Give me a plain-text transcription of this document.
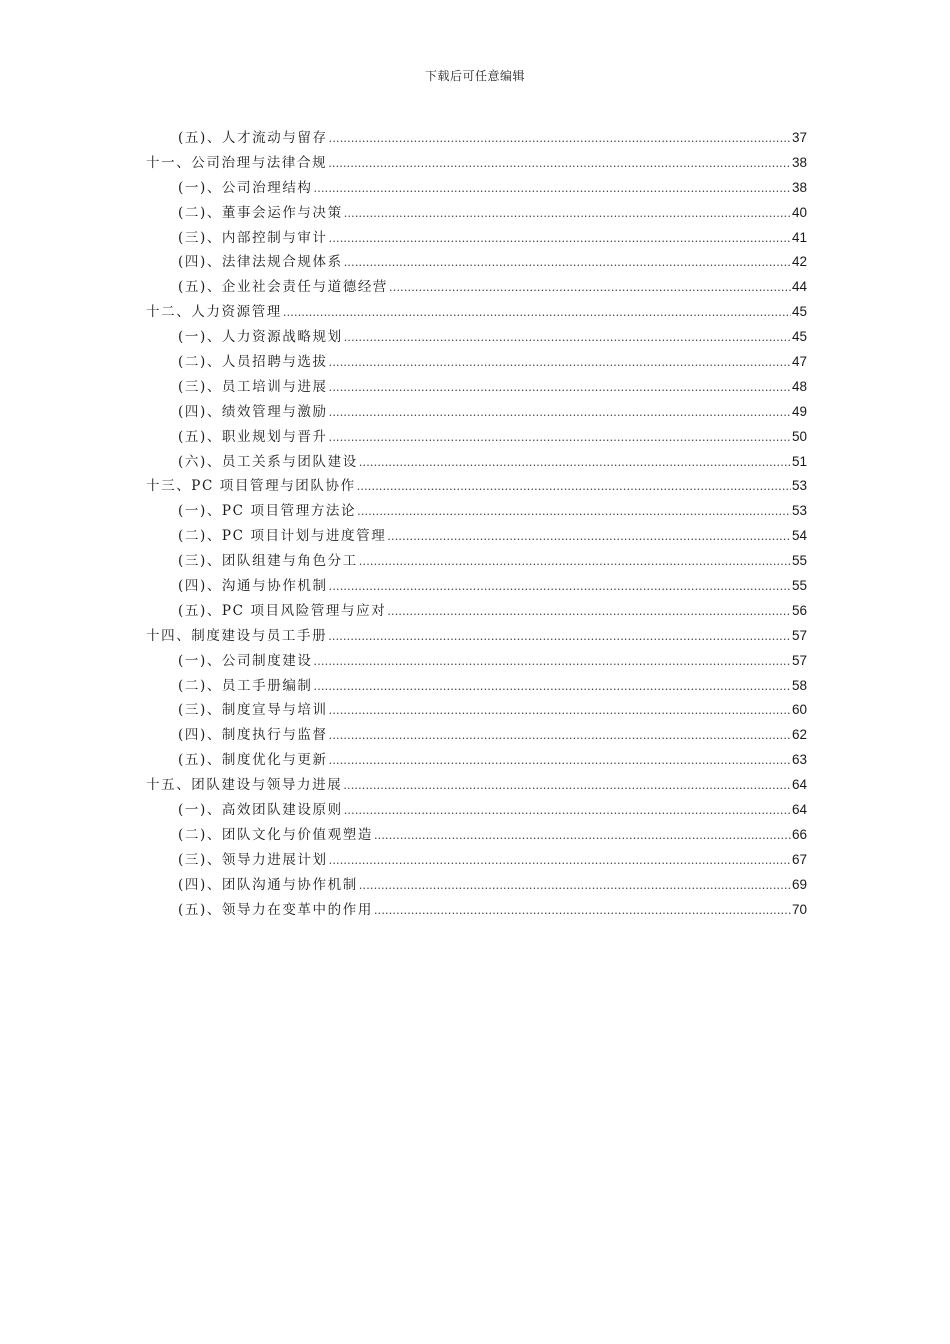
下载后可任意编辑
(五)、人才流动与留存 .....	37
十一、公司治理与法律合规 .....	38
(一)、公司治理结构 .....	38
(二)、董事会运作与决策 .....	40
(三)、内部控制与审计 .....	41
(四)、法律法规合规体系 .....	42
(五)、企业社会责任与道德经营 .....	44
十二、人力资源管理 .....	45
(一)、人力资源战略规划 .....	45
(二)、人员招聘与选拔 .....	47
(三)、员工培训与进展 .....	48
(四)、绩效管理与激励 .....	49
(五)、职业规划与晋升 .....	50
(六)、员工关系与团队建设 .....	51
十三、PC 项目管理与团队协作 .....	53
(一)、PC 项目管理方法论 .....	53
(二)、PC 项目计划与进度管理 .....	54
(三)、团队组建与角色分工 .....	55
(四)、沟通与协作机制 .....	55
(五)、PC 项目风险管理与应对 .....	56
十四、制度建设与员工手册 .....	57
(一)、公司制度建设 .....	57
(二)、员工手册编制 .....	58
(三)、制度宣导与培训 .....	60
(四)、制度执行与监督 .....	62
(五)、制度优化与更新 .....	63
十五、团队建设与领导力进展 .....	64
(一)、高效团队建设原则 .....	64
(二)、团队文化与价值观塑造 .....	66
(三)、领导力进展计划 .....	67
(四)、团队沟通与协作机制 .....	69
(五)、领导力在变革中的作用 .....	70
